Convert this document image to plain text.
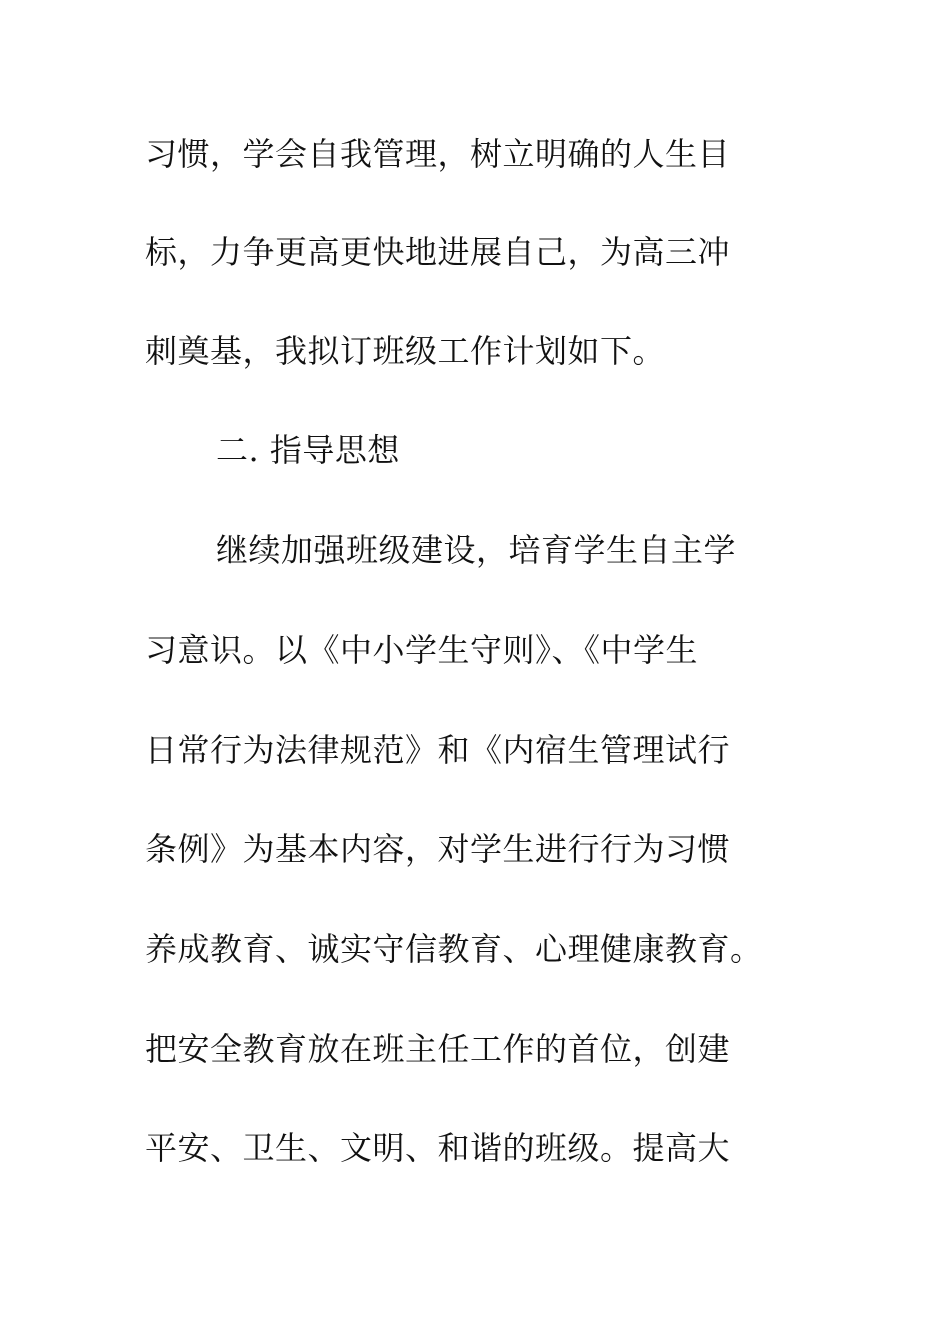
习惯，学会自我管理，树立明确的人生目

标，力争更高更快地进展自己，为高三冲

刺奠基，我拟订班级工作计划如下。

二. 指导思想

继续加强班级建设，培育学生自主学

习意识。以《中小学生守则》、《中学生

日常行为法律规范》和《内宿生管理试行

条例》为基本内容，对学生进行行为习惯

养成教育、诚实守信教育、心理健康教育。

把安全教育放在班主任工作的首位，创建

平安、卫生、文明、和谐的班级。提高大
